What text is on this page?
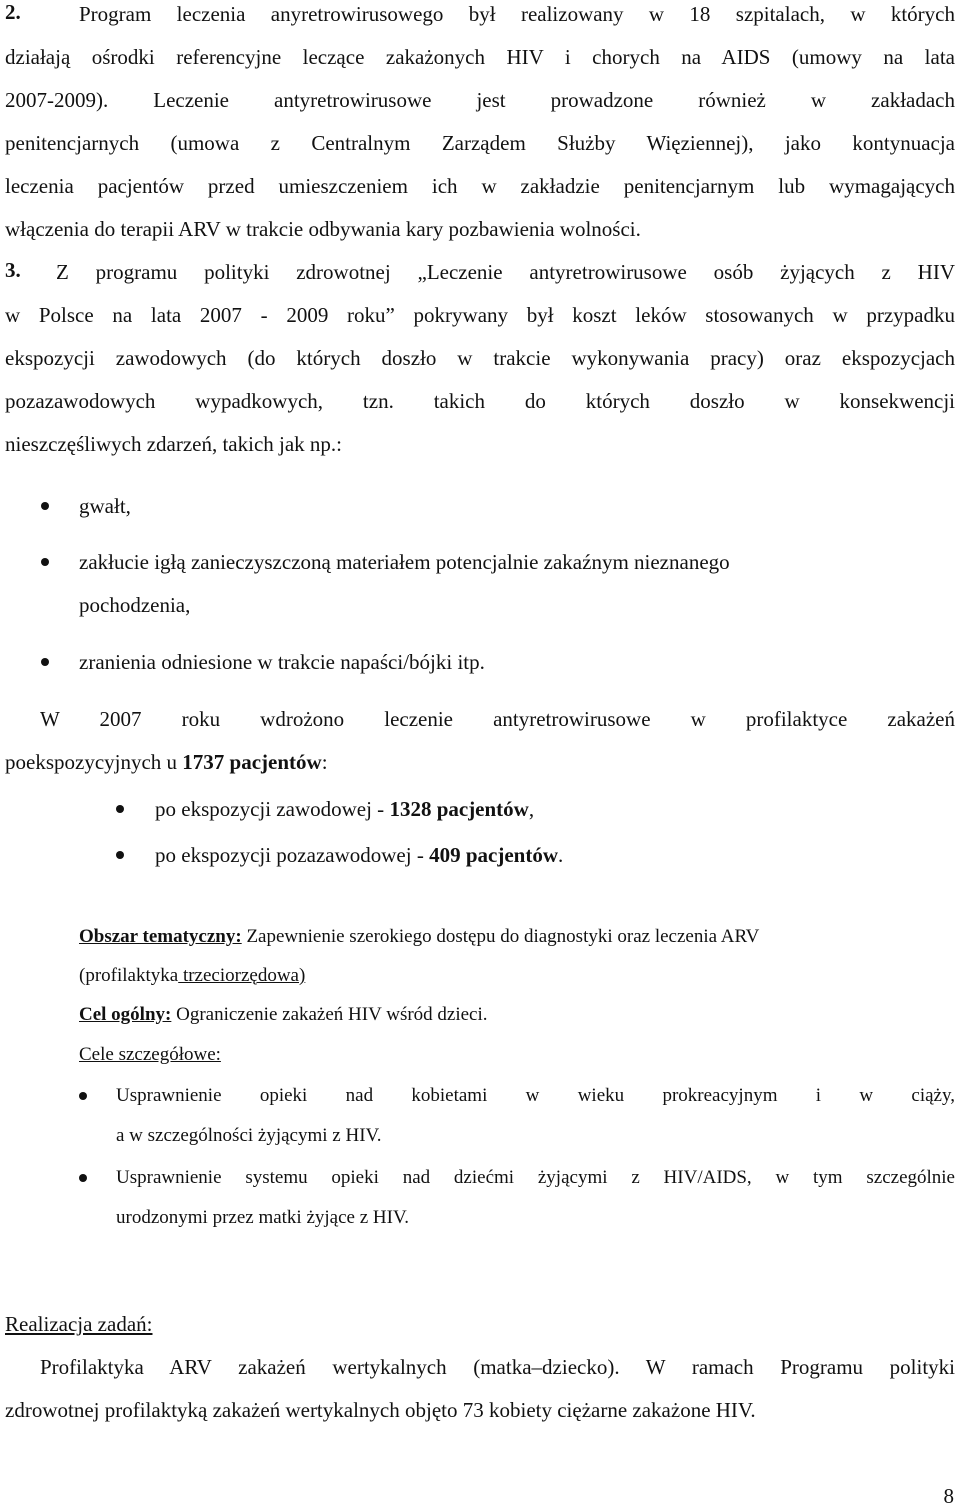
2.	Program leczenia anyretrowirusowego był realizowany w 18 szpitalach, w których
działają ośrodki referencyjne leczące zakażonych HIV i chorych na AIDS (umowy na lata
2007-2009). Leczenie antyretrowirusowe jest prowadzone również w zakładach
penitencjarnych (umowa z Centralnym Zarządem Służby Więziennej), jako kontynuacja
leczenia pacjentów przed umieszczeniem ich w zakładzie penitencjarnym lub wymagających
włączenia do terapii ARV w trakcie odbywania kary pozbawienia wolności.
3. Z programu polityki zdrowotnej „Leczenie antyretrowirusowe osób żyjących z HIV
w Polsce na lata 2007 - 2009 roku” pokrywany był koszt leków stosowanych w przypadku
ekspozycji zawodowych (do których doszło w trakcie wykonywania pracy) oraz ekspozycjach
pozazawodowych wypadkowych, tzn. takich do których doszło w konsekwencji
nieszczęśliwych zdarzeń, takich jak np.:
gwałt,
zakłucie igłą zanieczyszczoną materiałem potencjalnie zakaźnym nieznanego
pochodzenia,
zranienia odniesione w trakcie napaści/bójki itp.
W 2007 roku wdrożono leczenie antyretrowirusowe w profilaktyce zakażeń
poekspozycyjnych u 1737 pacjentów:
po ekspozycji zawodowej - 1328 pacjentów,
po ekspozycji pozazawodowej - 409 pacjentów.
Obszar tematyczny: Zapewnienie szerokiego dostępu do diagnostyki oraz leczenia ARV
(profilaktyka trzeciorzędowa)
Cel ogólny: Ograniczenie zakażeń HIV wśród dzieci.
Cele szczegółowe:
Usprawnienie opieki nad kobietami w wieku prokreacyjnym i w ciąży,
a w szczególności żyjącymi z HIV.
Usprawnienie systemu opieki nad dziećmi żyjącymi z HIV/AIDS, w tym szczególnie
urodzonymi przez matki żyjące z HIV.
Realizacja zadań:
Profilaktyka ARV zakażeń wertykalnych (matka–dziecko). W ramach Programu polityki
zdrowotnej profilaktyką zakażeń wertykalnych objęto 73 kobiety ciężarne zakażone HIV.
8
